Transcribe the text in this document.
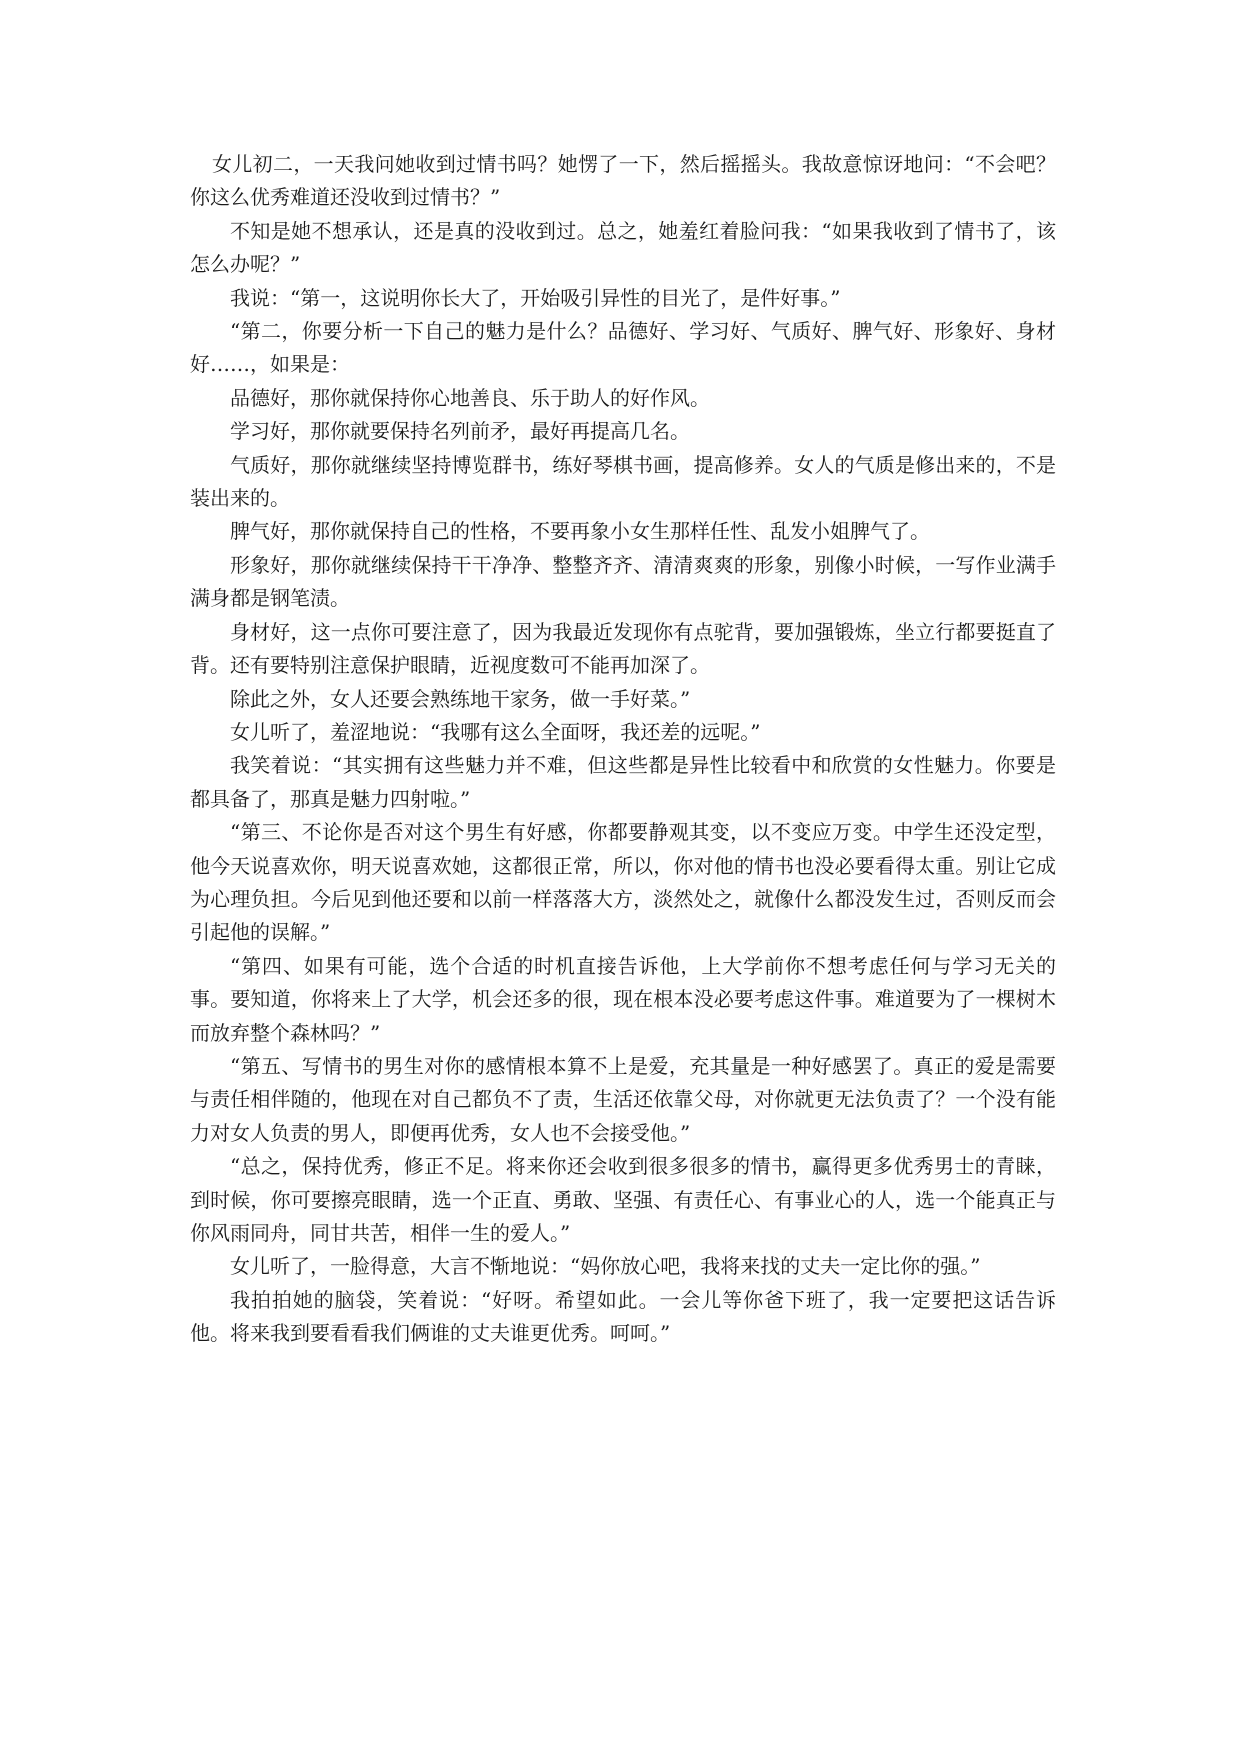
女儿初二，一天我问她收到过情书吗？她愣了一下，然后摇摇头。我故意惊讶地问：“不会吧？你这么优秀难道还没收到过情书？”

不知是她不想承认，还是真的没收到过。总之，她羞红着脸问我：“如果我收到了情书了，该怎么办呢？”

我说：“第一，这说明你长大了，开始吸引异性的目光了，是件好事。”

“第二，你要分析一下自己的魅力是什么？品德好、学习好、气质好、脾气好、形象好、身材好……，如果是：

品德好，那你就保持你心地善良、乐于助人的好作风。

学习好，那你就要保持名列前矛，最好再提高几名。

气质好，那你就继续坚持博览群书，练好琴棋书画，提高修养。女人的气质是修出来的，不是装出来的。

脾气好，那你就保持自己的性格，不要再象小女生那样任性、乱发小姐脾气了。

形象好，那你就继续保持干干净净、整整齐齐、清清爽爽的形象，别像小时候，一写作业满手满身都是钢笔渍。

身材好，这一点你可要注意了，因为我最近发现你有点驼背，要加强锻炼，坐立行都要挺直了背。还有要特别注意保护眼睛，近视度数可不能再加深了。

除此之外，女人还要会熟练地干家务，做一手好菜。”

女儿听了，羞涩地说：“我哪有这么全面呀，我还差的远呢。”

我笑着说：“其实拥有这些魅力并不难，但这些都是异性比较看中和欣赏的女性魅力。你要是都具备了，那真是魅力四射啦。”

“第三、不论你是否对这个男生有好感，你都要静观其变，以不变应万变。中学生还没定型，他今天说喜欢你，明天说喜欢她，这都很正常，所以，你对他的情书也没必要看得太重。别让它成为心理负担。今后见到他还要和以前一样落落大方，淡然处之，就像什么都没发生过，否则反而会引起他的误解。”

“第四、如果有可能，选个合适的时机直接告诉他，上大学前你不想考虑任何与学习无关的事。要知道，你将来上了大学，机会还多的很，现在根本没必要考虑这件事。难道要为了一棵树木而放弃整个森林吗？”

“第五、写情书的男生对你的感情根本算不上是爱，充其量是一种好感罢了。真正的爱是需要与责任相伴随的，他现在对自己都负不了责，生活还依靠父母，对你就更无法负责了？一个没有能力对女人负责的男人，即便再优秀，女人也不会接受他。”

“总之，保持优秀，修正不足。将来你还会收到很多很多的情书，赢得更多优秀男士的青睐，到时候，你可要擦亮眼睛，选一个正直、勇敢、坚强、有责任心、有事业心的人，选一个能真正与你风雨同舟，同甘共苦，相伴一生的爱人。”

女儿听了，一脸得意，大言不惭地说：“妈你放心吧，我将来找的丈夫一定比你的强。”

我拍拍她的脑袋，笑着说：“好呀。希望如此。一会儿等你爸下班了，我一定要把这话告诉他。将来我到要看看我们俩谁的丈夫谁更优秀。呵呵。”
